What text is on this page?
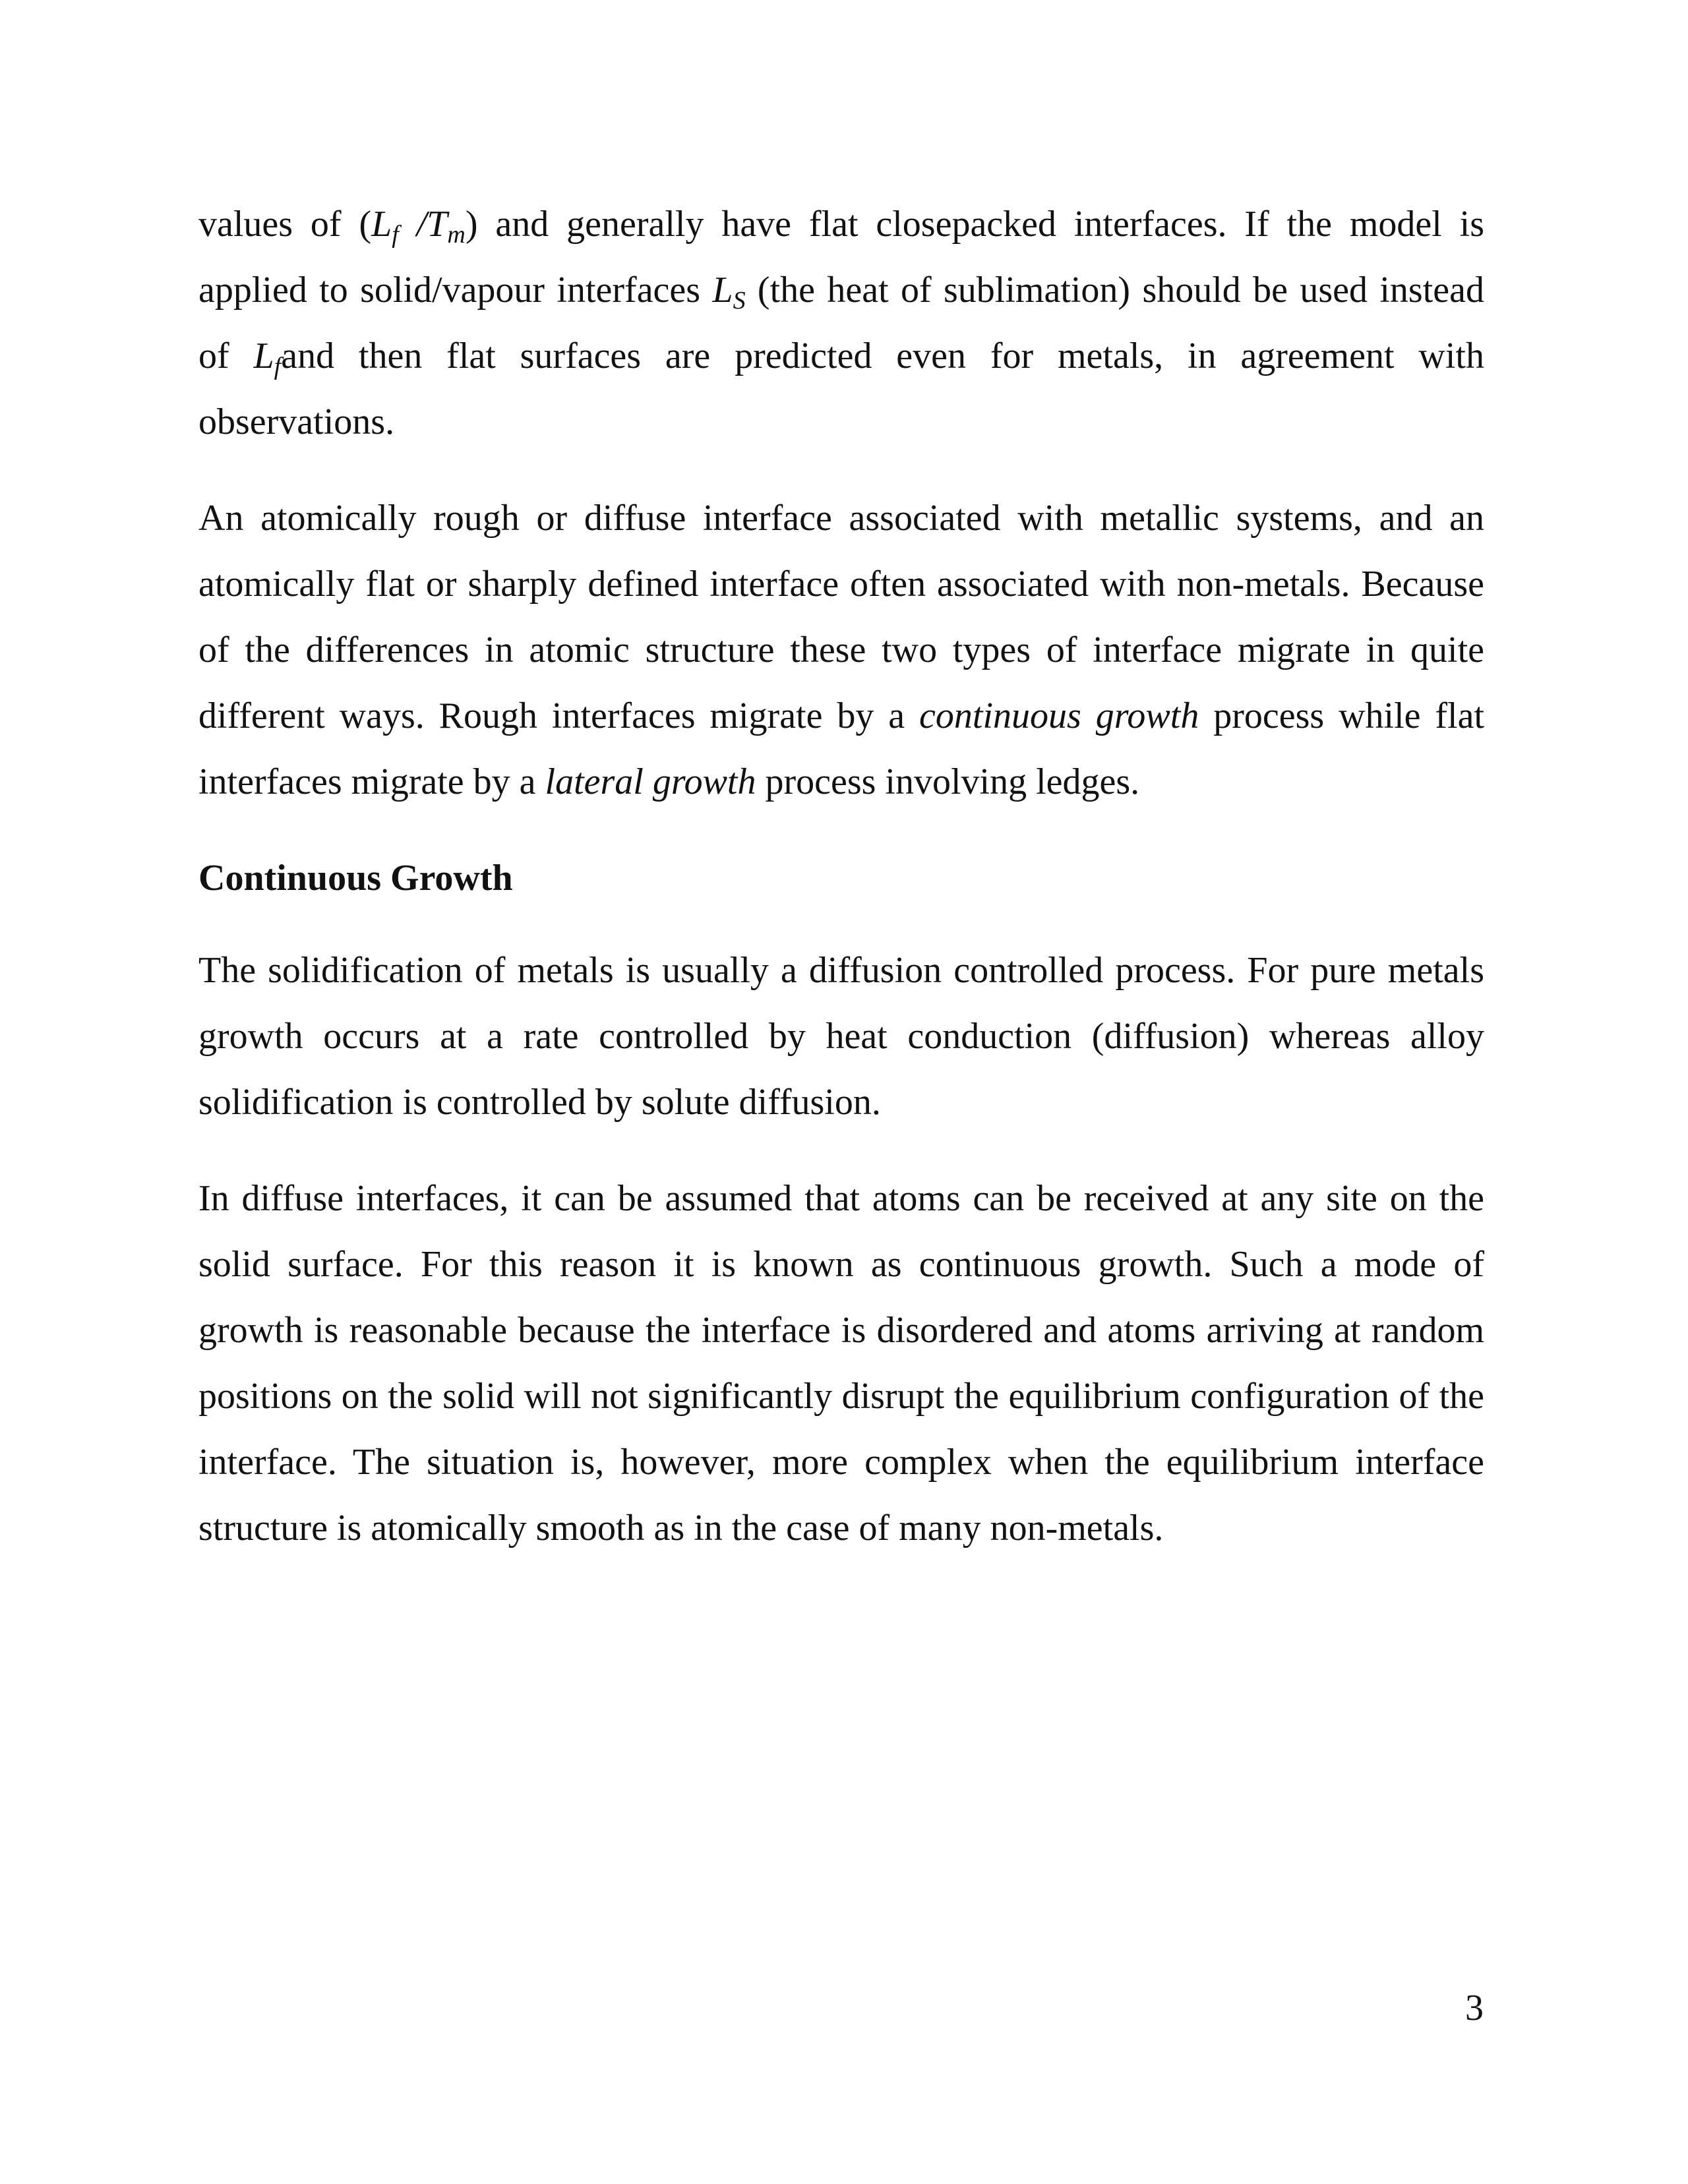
values of ($L_f$ $/T_m$) and generally have flat closepacked interfaces. If the model is applied to solid/vapour interfaces $L_S$ (the heat of sublimation) should be used instead of $L_fand$ then flat surfaces are predicted even for metals, in agreement with observations.

An atomically rough or diffuse interface associated with metallic systems, and an atomically flat or sharply defined interface often associated with non-metals. Because of the differences in atomic structure these two types of interface migrate in quite different ways. Rough interfaces migrate by a continuous growth process while flat interfaces migrate by a lateral growth process involving ledges.

Continuous Growth

The solidification of metals is usually a diffusion controlled process. For pure metals growth occurs at a rate controlled by heat conduction (diffusion) whereas alloy solidification is controlled by solute diffusion.

In diffuse interfaces, it can be assumed that atoms can be received at any site on the solid surface. For this reason it is known as continuous growth. Such a mode of growth is reasonable because the interface is disordered and atoms arriving at random positions on the solid will not significantly disrupt the equilibrium configuration of the interface. The situation is, however, more complex when the equilibrium interface structure is atomically smooth as in the case of many non-metals.

3
